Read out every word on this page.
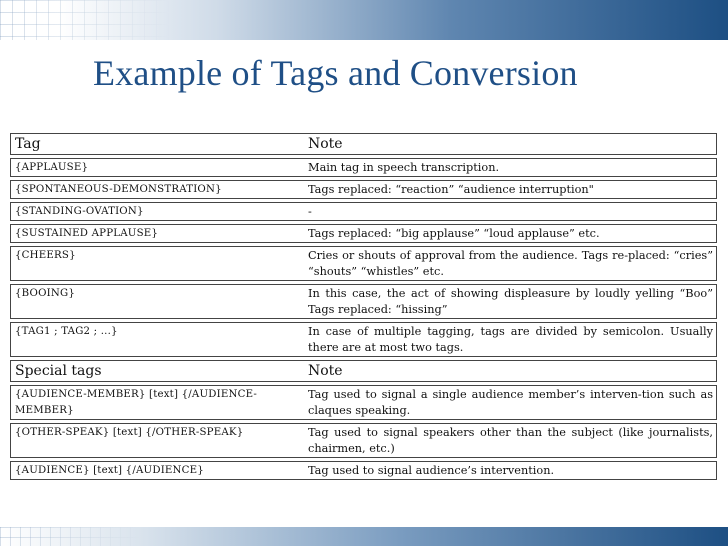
Example of Tags and Conversion
Tag	Note
{APPLAUSE}	Main tag in speech transcription.
{SPONTANEOUS-DEMONSTRATION}	Tags replaced: “reaction” “audience interruption"
{STANDING-OVATION}	-
{SUSTAINED APPLAUSE}	Tags replaced: “big applause” “loud applause” etc.
{CHEERS}	Cries or shouts of approval from the audience. Tags re-placed: “cries” “shouts” “whistles” etc.
{BOOING}	In this case, the act of showing displeasure by loudly yelling “Boo” Tags replaced: “hissing”
{TAG1 ; TAG2 ; ...}	In case of multiple tagging, tags are divided by semicolon. Usually there are at most two tags.
Special tags	Note
{AUDIENCE-MEMBER} [text] {/AUDIENCE-MEMBER}	Tag used to signal a single audience member’s interven-tion such as claques speaking.
{OTHER-SPEAK} [text] {/OTHER-SPEAK}	Tag used to signal speakers other than the subject (like journalists, chairmen, etc.)
{AUDIENCE} [text] {/AUDIENCE}	Tag used to signal audience’s intervention.
